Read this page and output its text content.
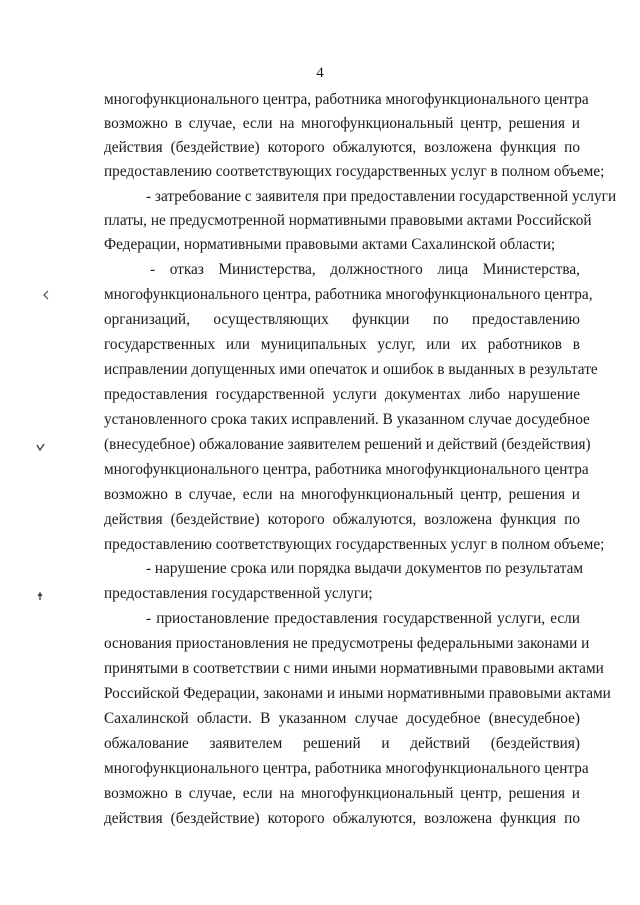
4
многофункционального центра, работника многофункционального центра
возможно в случае, если на многофункциональный центр, решения и
действия (бездействие) которого обжалуются, возложена функция по
предоставлению соответствующих государственных услуг в полном объеме;
- затребование с заявителя при предоставлении государственной услуги
платы, не предусмотренной нормативными правовыми актами Российской
Федерации, нормативными правовыми актами Сахалинской области;
- отказ Министерства, должностного лица Министерства,
многофункционального центра, работника многофункционального центра,
организаций, осуществляющих функции по предоставлению
государственных или муниципальных услуг, или их работников в
исправлении допущенных ими опечаток и ошибок в выданных в результате
предоставления государственной услуги документах либо нарушение
установленного срока таких исправлений. В указанном случае досудебное
(внесудебное) обжалование заявителем решений и действий (бездействия)
многофункционального центра, работника многофункционального центра
возможно в случае, если на многофункциональный центр, решения и
действия (бездействие) которого обжалуются, возложена функция по
предоставлению соответствующих государственных услуг в полном объеме;
- нарушение срока или порядка выдачи документов по результатам
предоставления государственной услуги;
- приостановление предоставления государственной услуги, если
основания приостановления не предусмотрены федеральными законами и
принятыми в соответствии с ними иными нормативными правовыми актами
Российской Федерации, законами и иными нормативными правовыми актами
Сахалинской области. В указанном случае досудебное (внесудебное)
обжалование заявителем решений и действий (бездействия)
многофункционального центра, работника многофункционального центра
возможно в случае, если на многофункциональный центр, решения и
действия (бездействие) которого обжалуются, возложена функция по
